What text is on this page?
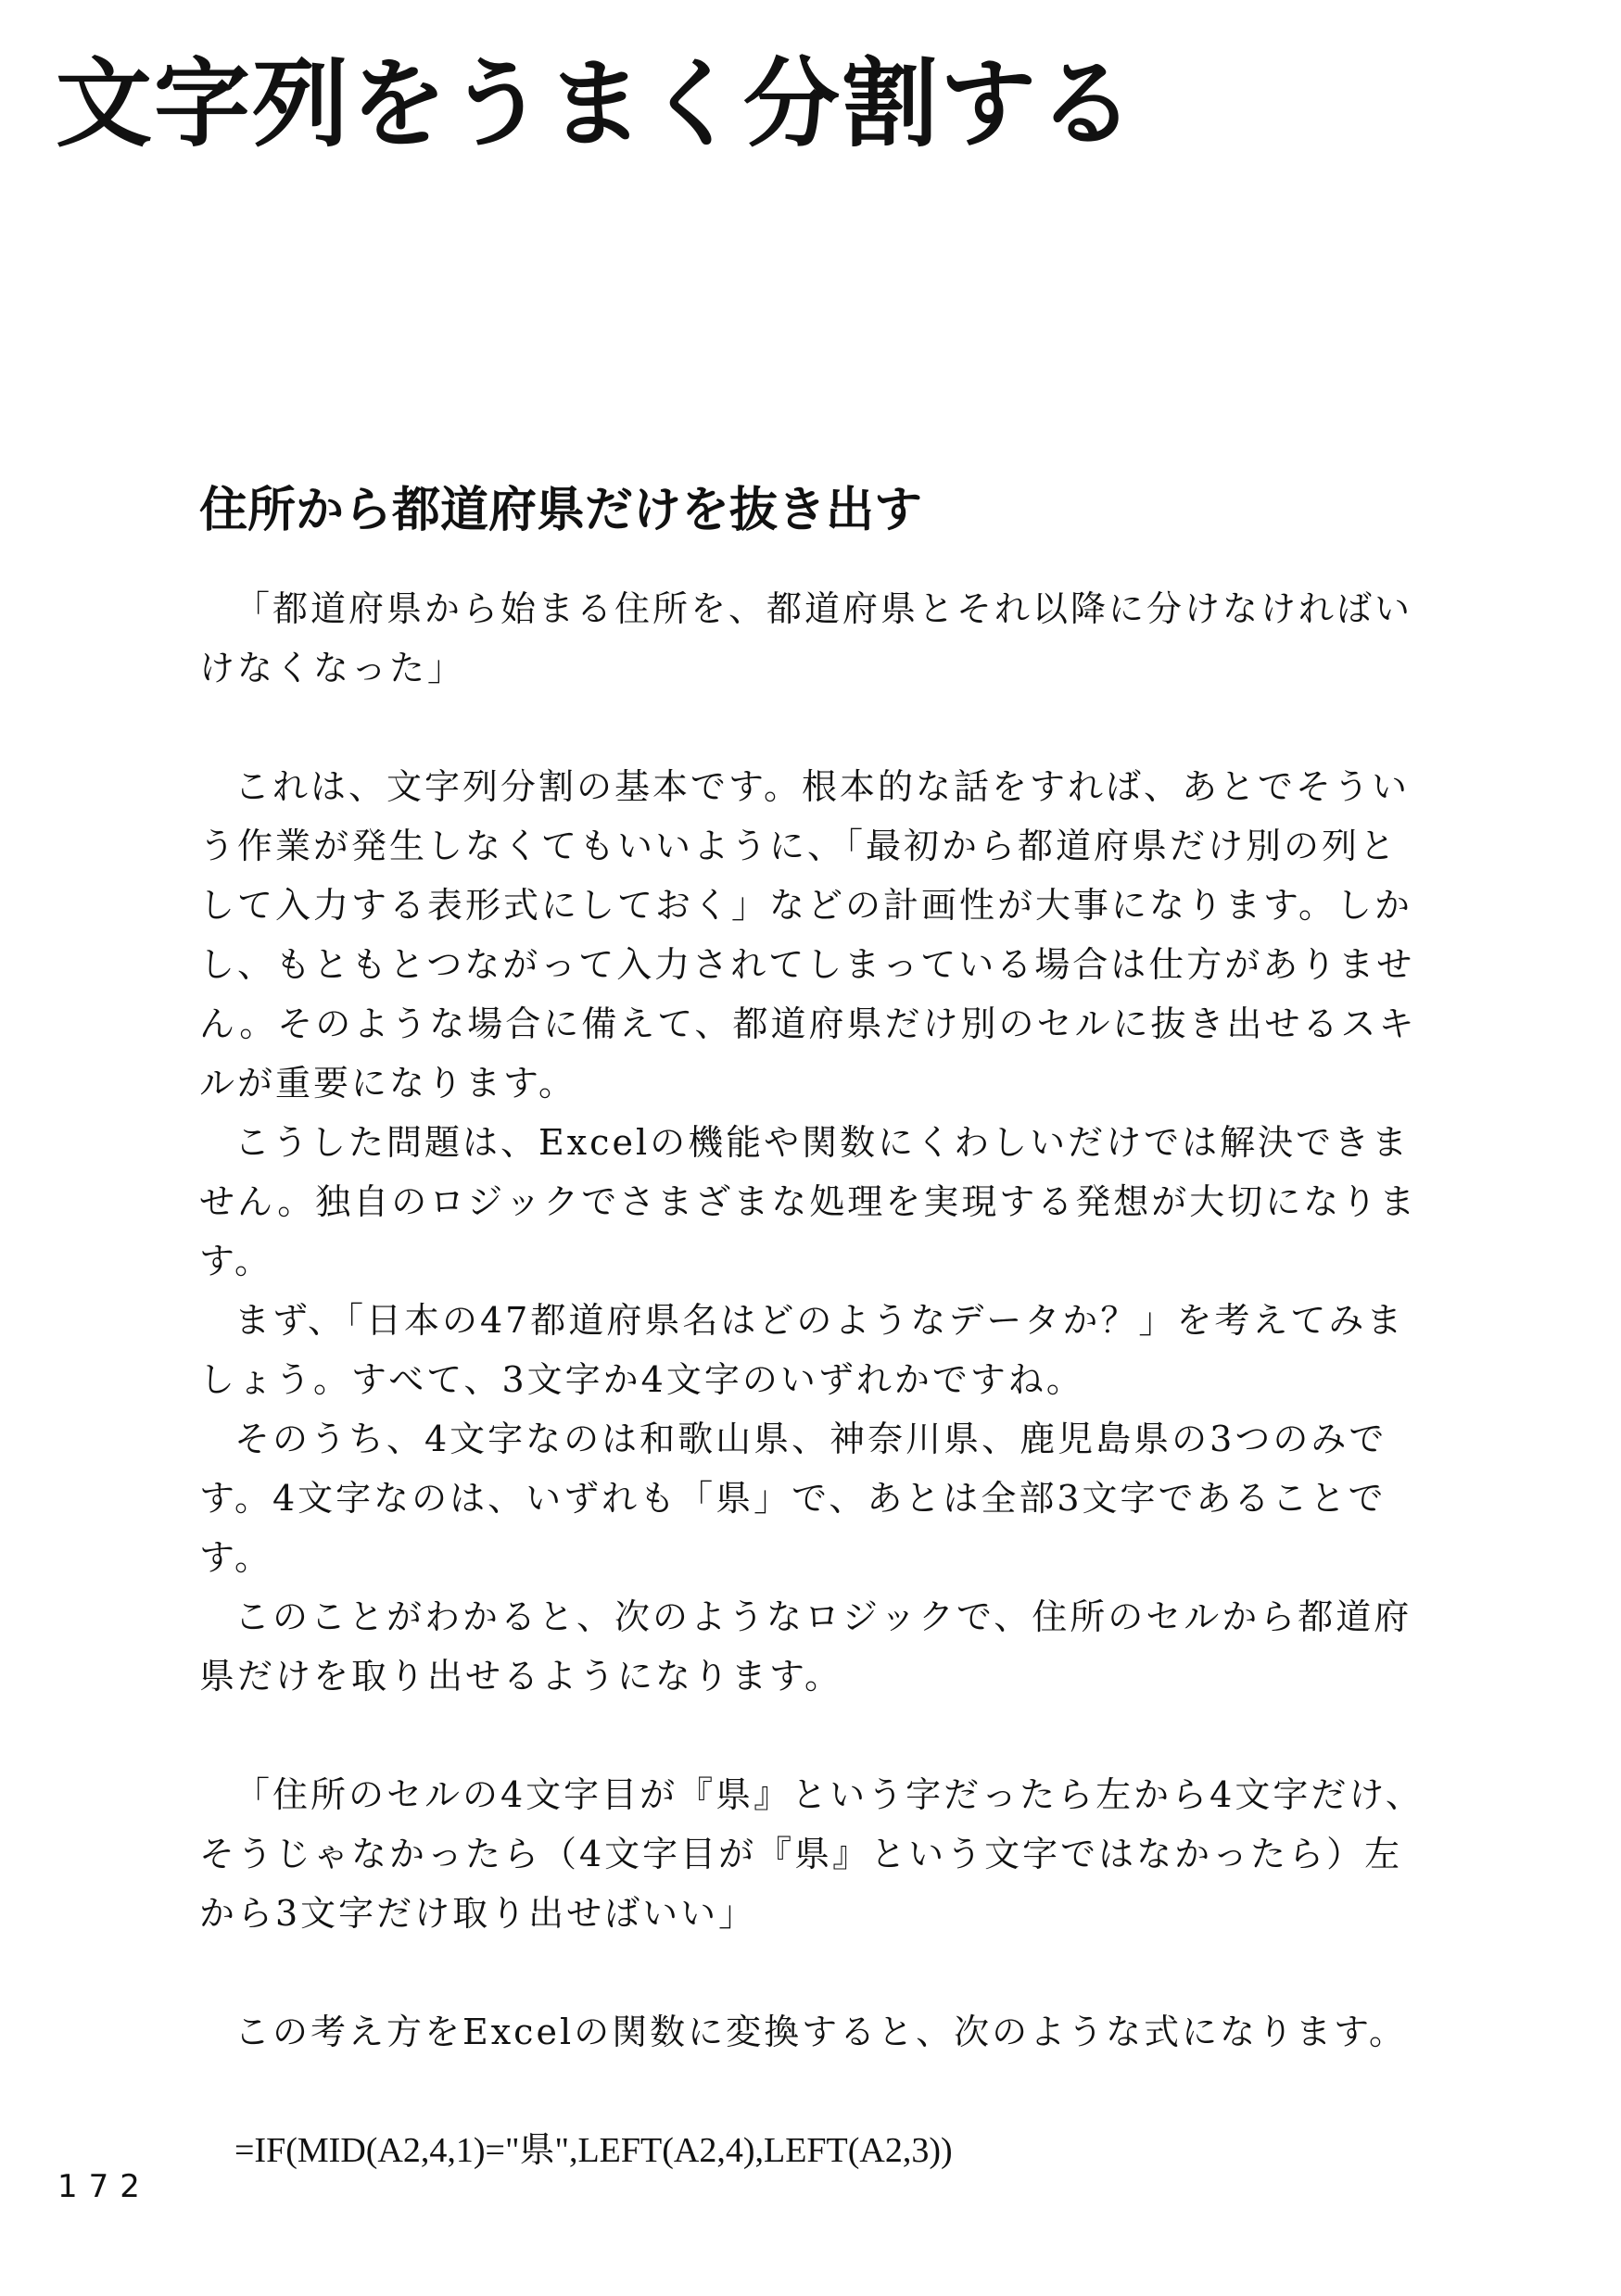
文字列をうまく分割する
住所から都道府県だけを抜き出す

「都道府県から始まる住所を、都道府県とそれ以降に分けなければいけなくなった」

これは、文字列分割の基本です。根本的な話をすれば、あとでそういう作業が発生しなくてもいいように、「最初から都道府県だけ別の列として入力する表形式にしておく」などの計画性が大事になります。しかし、もともとつながって入力されてしまっている場合は仕方がありません。そのような場合に備えて、都道府県だけ別のセルに抜き出せるスキルが重要になります。

こうした問題は、Excelの機能や関数にくわしいだけでは解決できません。独自のロジックでさまざまな処理を実現する発想が大切になります。

まず、「日本の47都道府県名はどのようなデータか？」を考えてみましょう。すべて、3文字か4文字のいずれかですね。

そのうち、4文字なのは和歌山県、神奈川県、鹿児島県の3つのみです。4文字なのは、いずれも「県」で、あとは全部3文字であることです。

このことがわかると、次のようなロジックで、住所のセルから都道府県だけを取り出せるようになります。

「住所のセルの4文字目が『県』という字だったら左から4文字だけ、そうじゃなかったら（4文字目が『県』という文字ではなかったら）左から3文字だけ取り出せばいい」

この考え方をExcelの関数に変換すると、次のような式になります。

=IF(MID(A2,4,1)="県",LEFT(A2,4),LEFT(A2,3))

172
